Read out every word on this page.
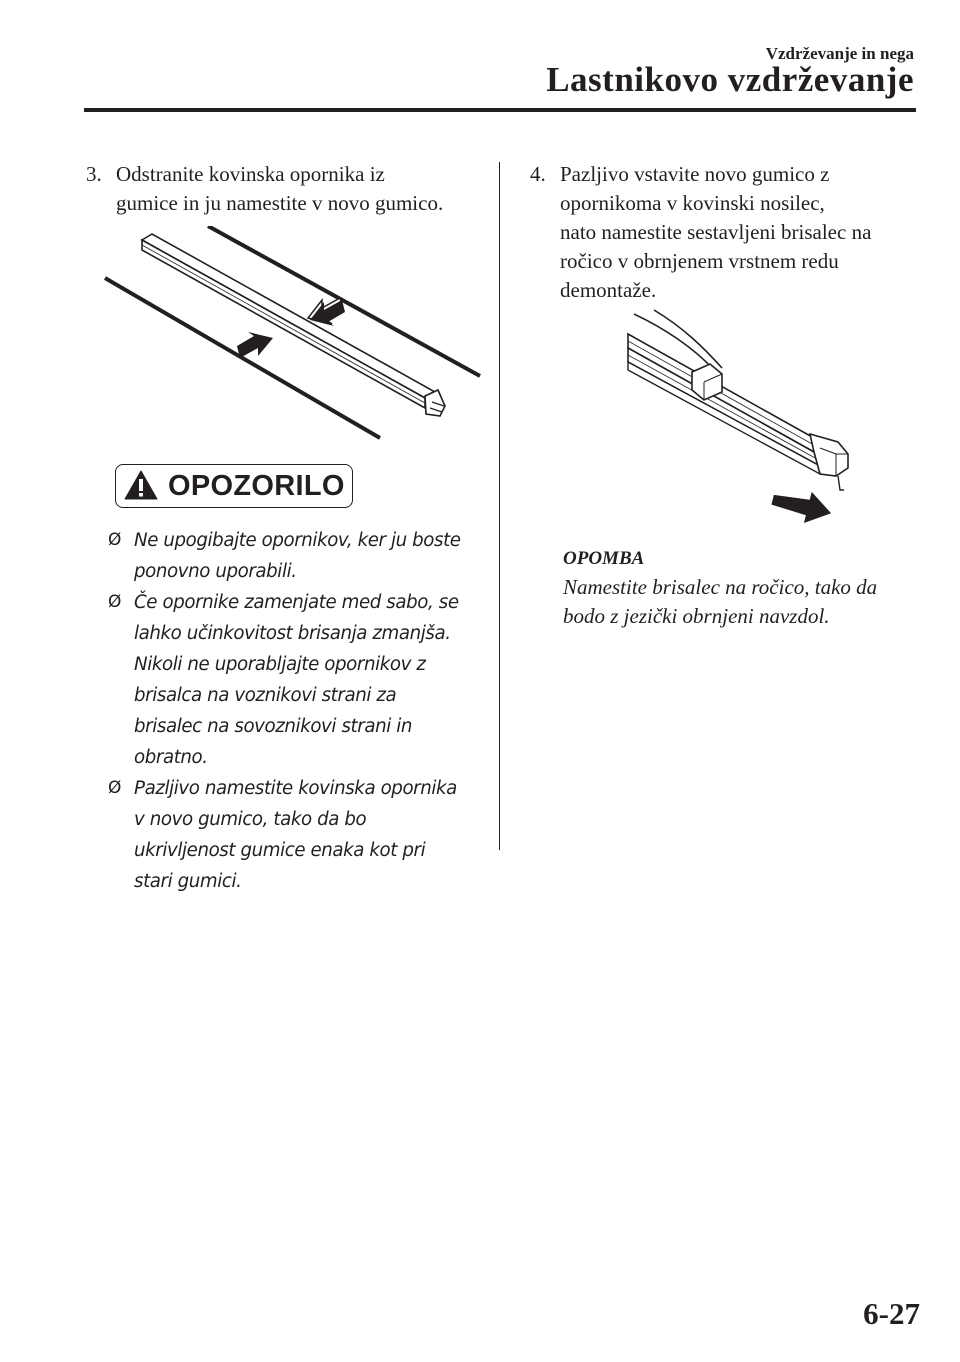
Vzdrževanje in nega
Lastnikovo vzdrževanje
3. Odstranite kovinska opornika iz
gumice in ju namestite v novo gumico.
OPOZORILO
Ø Ne upogibajte opornikov, ker ju boste
ponovno uporabili.
Ø Če opornike zamenjate med sabo, se
lahko učinkovitost brisanja zmanjša.
Nikoli ne uporabljajte opornikov z
brisalca na voznikovi strani za
brisalec na sovoznikovi strani in
obratno.
Ø Pazljivo namestite kovinska opornika
v novo gumico, tako da bo
ukrivljenost gumice enaka kot pri
stari gumici.
4. Pazljivo vstavite novo gumico z
opornikoma v kovinski nosilec,
nato namestite sestavljeni brisalec na
ročico v obrnjenem vrstnem redu
demontaže.
OPOMBA
Namestite brisalec na ročico, tako da
bodo z jezički obrnjeni navzdol.
6-27
